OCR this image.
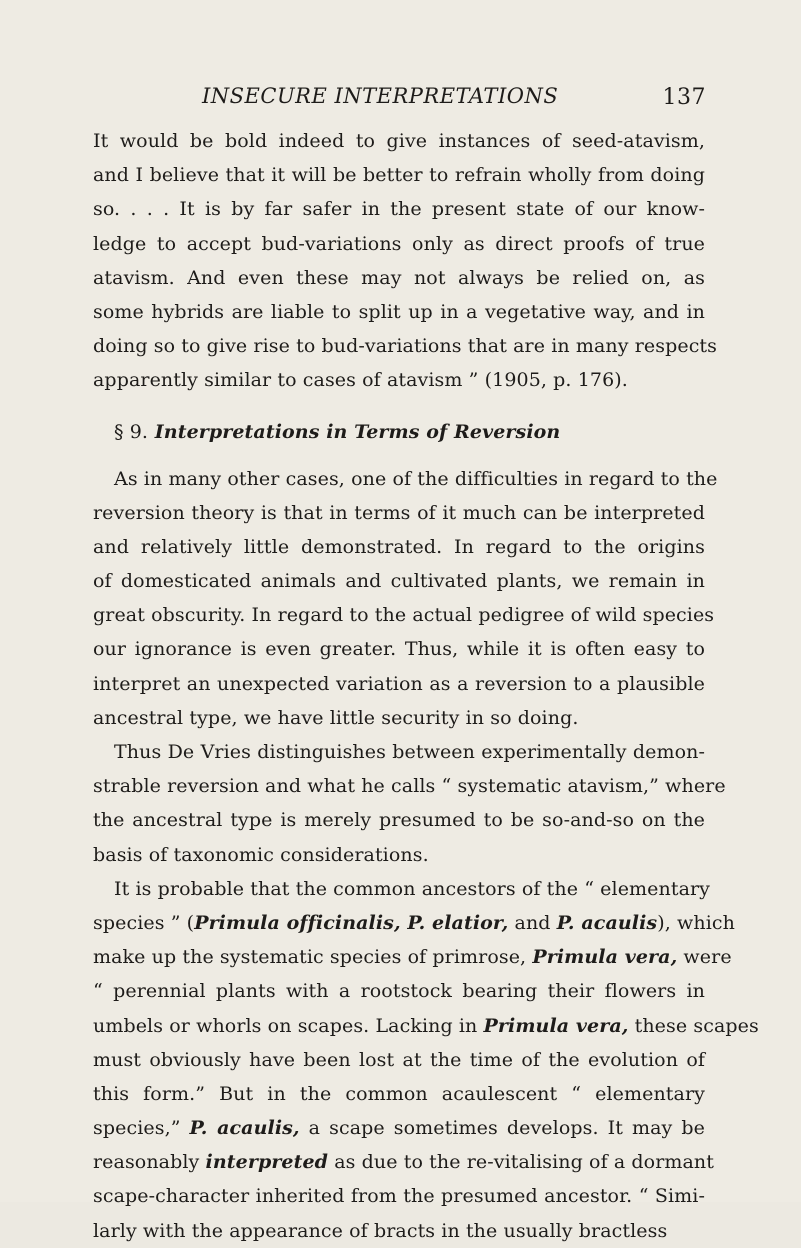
INSECURE INTERPRETATIONS	137
It would be bold indeed to give instances of seed-atavism,
and I believe that it will be better to refrain wholly from doing
so. . . . It is by far safer in the present state of our know-
ledge to accept bud-variations only as direct proofs of true
atavism. And even these may not always be relied on, as
some hybrids are liable to split up in a vegetative way, and in
doing so to give rise to bud-variations that are in many respects
apparently similar to cases of atavism ” (1905, p. 176).
§ 9. Interpretations in Terms of Reversion
As in many other cases, one of the difficulties in regard to the
reversion theory is that in terms of it much can be interpreted
and relatively little demonstrated. In regard to the origins
of domesticated animals and cultivated plants, we remain in
great obscurity. In regard to the actual pedigree of wild species
our ignorance is even greater. Thus, while it is often easy to
interpret an unexpected variation as a reversion to a plausible
ancestral type, we have little security in so doing.
Thus De Vries distinguishes between experimentally demon-
strable reversion and what he calls “ systematic atavism,” where
the ancestral type is merely presumed to be so-and-so on the
basis of taxonomic considerations.
It is probable that the common ancestors of the “ elementary
species ” (Primula officinalis, P. elatior, and P. acaulis), which
make up the systematic species of primrose, Primula vera, were
“ perennial plants with a rootstock bearing their flowers in
umbels or whorls on scapes. Lacking in Primula vera, these scapes
must obviously have been lost at the time of the evolution of
this form.” But in the common acaulescent “ elementary
species,” P. acaulis, a scape sometimes develops. It may be
reasonably interpreted as due to the re-vitalising of a dormant
scape-character inherited from the presumed ancestor. “ Simi-
larly with the appearance of bracts in the usually bractless
